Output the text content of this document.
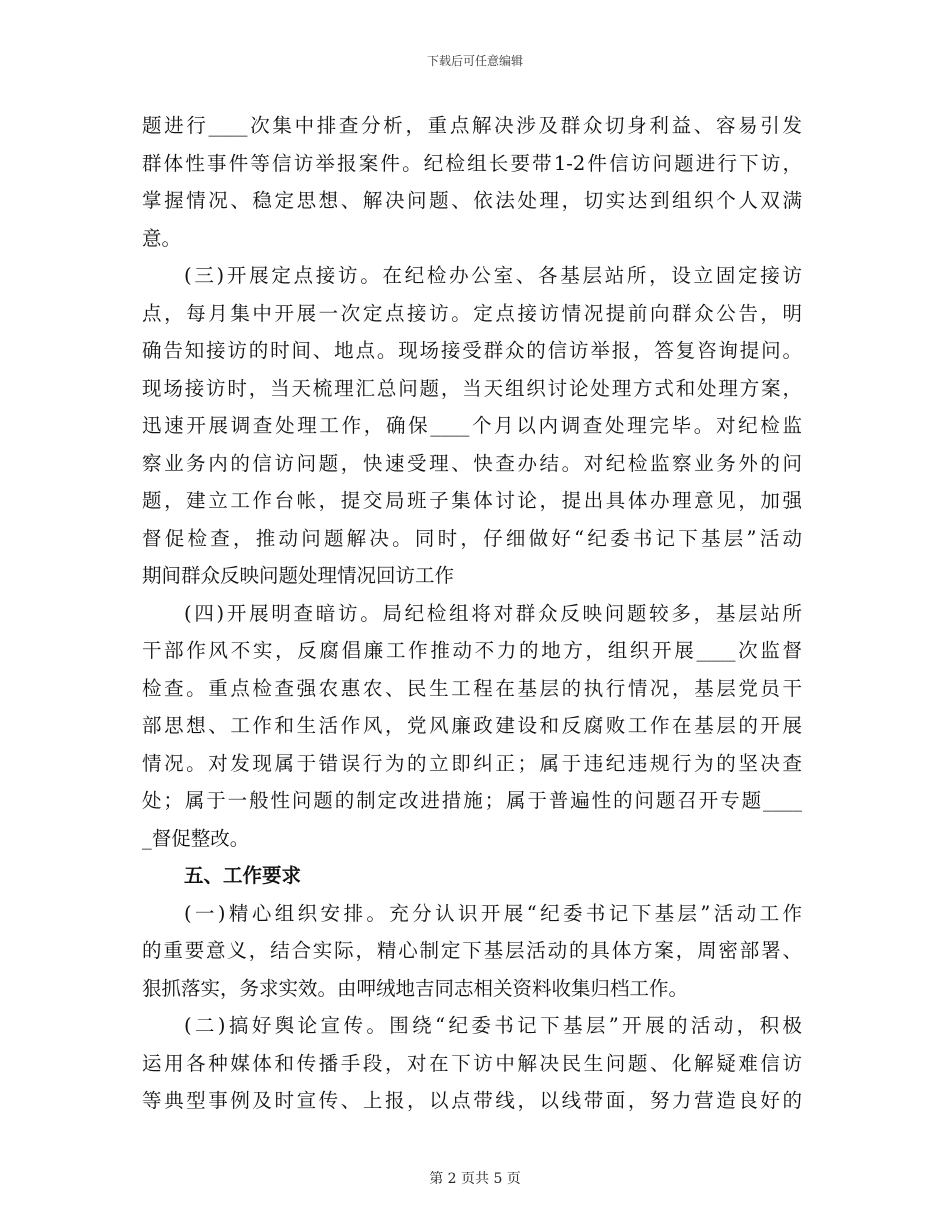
下载后可任意编辑
题进行____次集中排查分析，重点解决涉及群众切身利益、容易引发
群体性事件等信访举报案件。纪检组长要带1-2件信访问题进行下访，
掌握情况、稳定思想、解决问题、依法处理，切实达到组织个人双满
意。
(三)开展定点接访。在纪检办公室、各基层站所，设立固定接访
点，每月集中开展一次定点接访。定点接访情况提前向群众公告，明
确告知接访的时间、地点。现场接受群众的信访举报，答复咨询提问。
现场接访时，当天梳理汇总问题，当天组织讨论处理方式和处理方案，
迅速开展调查处理工作，确保____个月以内调查处理完毕。对纪检监
察业务内的信访问题，快速受理、快查办结。对纪检监察业务外的问
题，建立工作台帐，提交局班子集体讨论，提出具体办理意见，加强
督促检查，推动问题解决。同时，仔细做好“纪委书记下基层”活动
期间群众反映问题处理情况回访工作
(四)开展明查暗访。局纪检组将对群众反映问题较多，基层站所
干部作风不实，反腐倡廉工作推动不力的地方，组织开展____次监督
检查。重点检查强农惠农、民生工程在基层的执行情况，基层党员干
部思想、工作和生活作风，党风廉政建设和反腐败工作在基层的开展
情况。对发现属于错误行为的立即纠正；属于违纪违规行为的坚决查
处；属于一般性问题的制定改进措施；属于普遍性的问题召开专题____
_督促整改。
五、工作要求
(一)精心组织安排。充分认识开展“纪委书记下基层”活动工作
的重要意义，结合实际，精心制定下基层活动的具体方案，周密部署、
狠抓落实，务求实效。由呷绒地吉同志相关资料收集归档工作。
(二)搞好舆论宣传。围绕“纪委书记下基层”开展的活动，积极
运用各种媒体和传播手段，对在下访中解决民生问题、化解疑难信访
等典型事例及时宣传、上报，以点带线，以线带面，努力营造良好的
第 2 页共 5 页
